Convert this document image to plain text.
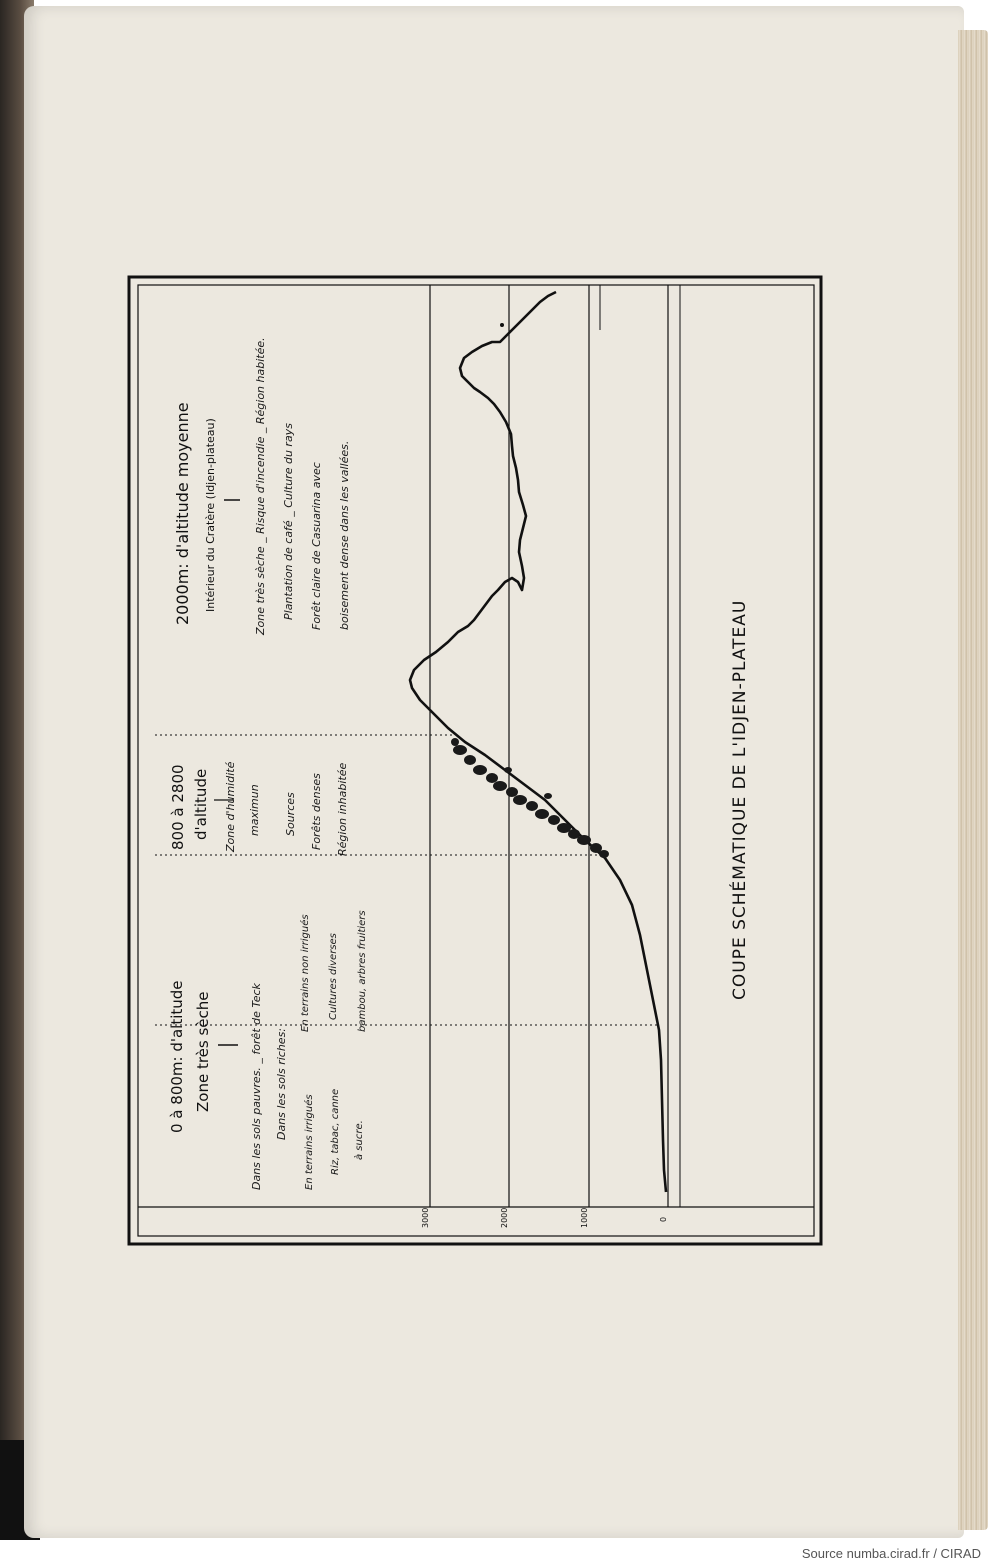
3000	2000	1000	0
0 à 800m: d'altitude Zone très sèche	Dans les sols pauvres. _ forêt de Teck Dans les sols riches:
En terrains irrigués Riz, tabac, canne à sucre.
En terrains non irrigués Cultures diverses bambou, arbres fruitiers
800 à 2800 d'altitude Zone d'humidité maximun Sources Forêts denses Région inhabitée
2000m: d'altitude moyenne Intérieur du Cratère (Idjen-plateau)	Zone très sèche _ Risque d'incendie _ Région habitée. Plantation de café _ Culture du rays Forêt claire de Casuarina avec boisement dense dans les vallées.
COUPE SCHÉMATIQUE DE L'IDJEN-PLATEAU
Source numba.cirad.fr / CIRAD
